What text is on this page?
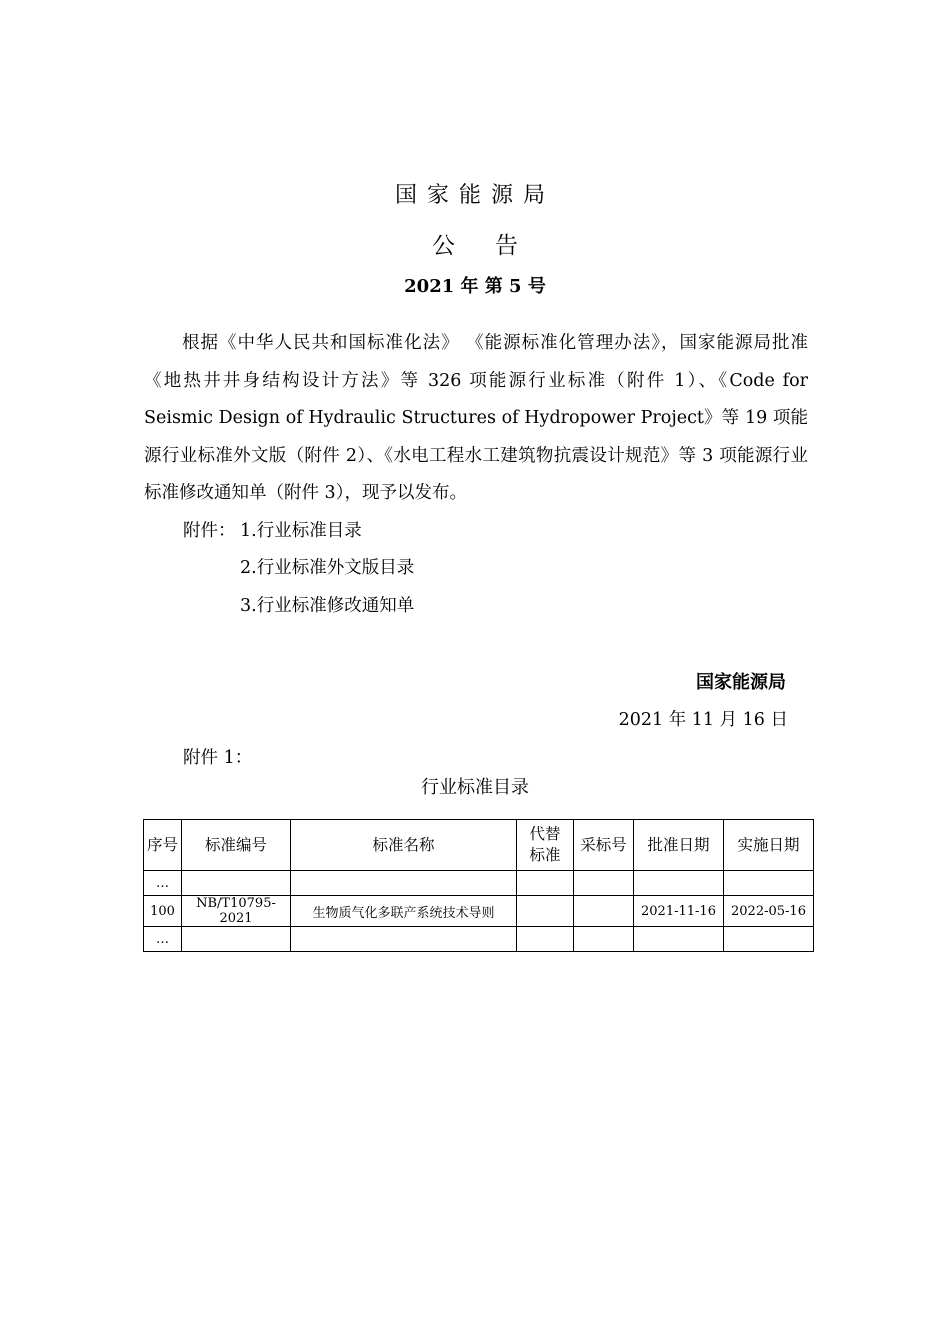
国家能源局
公告
2021 年 第 5 号
根据《中华人民共和国标准化法》 《能源标准化管理办法》，国家能源局批准《地热井井身结构设计方法》等 326 项能源行业标准（附件 1）、《Code for Seismic Design of Hydraulic Structures of Hydropower Project》等 19 项能源行业标准外文版（附件 2）、《水电工程水工建筑物抗震设计规范》等 3 项能源行业标准修改通知单（附件 3），现予以发布。
附件： 1.行业标准目录
2.行业标准外文版目录
3.行业标准修改通知单
国家能源局
2021 年 11 月 16 日
附件 1：
行业标准目录
序号	标准编号	标准名称	代替标准	采标号	批准日期	实施日期
…						
100	NB/T10795-2021	生物质气化多联产系统技术导则			2021-11-16	2022-05-16
…						
